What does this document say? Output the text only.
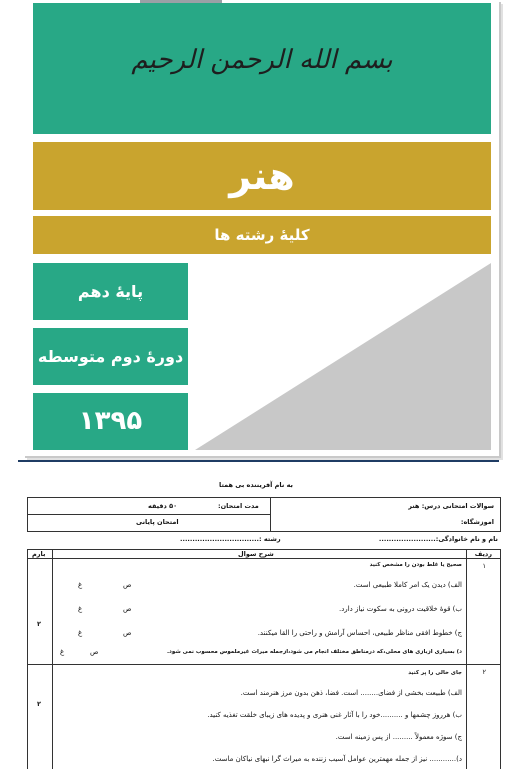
بسم الله الرحمن الرحيم
هنر
کلیهٔ رشته ها
پایهٔ دهم
دورهٔ دوم متوسطه
۱۳۹۵
به نام آفریننده بی همتا
سوالات امتحانی درس: هنر
اموزشگاه:
مدت امتحان:
۵۰ دقیقه
امتحان پایانی
نام و نام خانوادگی:.......................
رشته :................................
ردیف
شرح سوال
بارم
۱
۲
صحیح یا غلط بودن را مشخص کنید
الف) دیدن یک امر کاملا طبیعی است.
ص
غ
ب) قوهٔ خلاقیت درونی به سکوت نیاز دارد.
ص
غ
ج) خطوط افقی مناظر طبیعی، احساس آرامش و راحتی را القا میکنند.
ص
غ
د) بسیاری ازبازی های محلی،که درمناطق مختلف انجام می شود،ازجمله میراث غیرملموس محسوب نمی شود.
ص
غ
۲
۲
جای خالی را پر کنید
الف) طبیعت بخشی از فضای........ است. فضا، ذهن بدون مرز هنرمند است.
ب) هرروز چشمها و ..........خود را با آثار غنی هنری و پدیده های زیبای خلقت تغذیه کنید.
ج) سوژه معمولاً ......... از پس زمینه است.
د)............ نیز از جمله مهمترین عوامل آسیب زننده به میراث گرا نبهای نیاکان ماست.
